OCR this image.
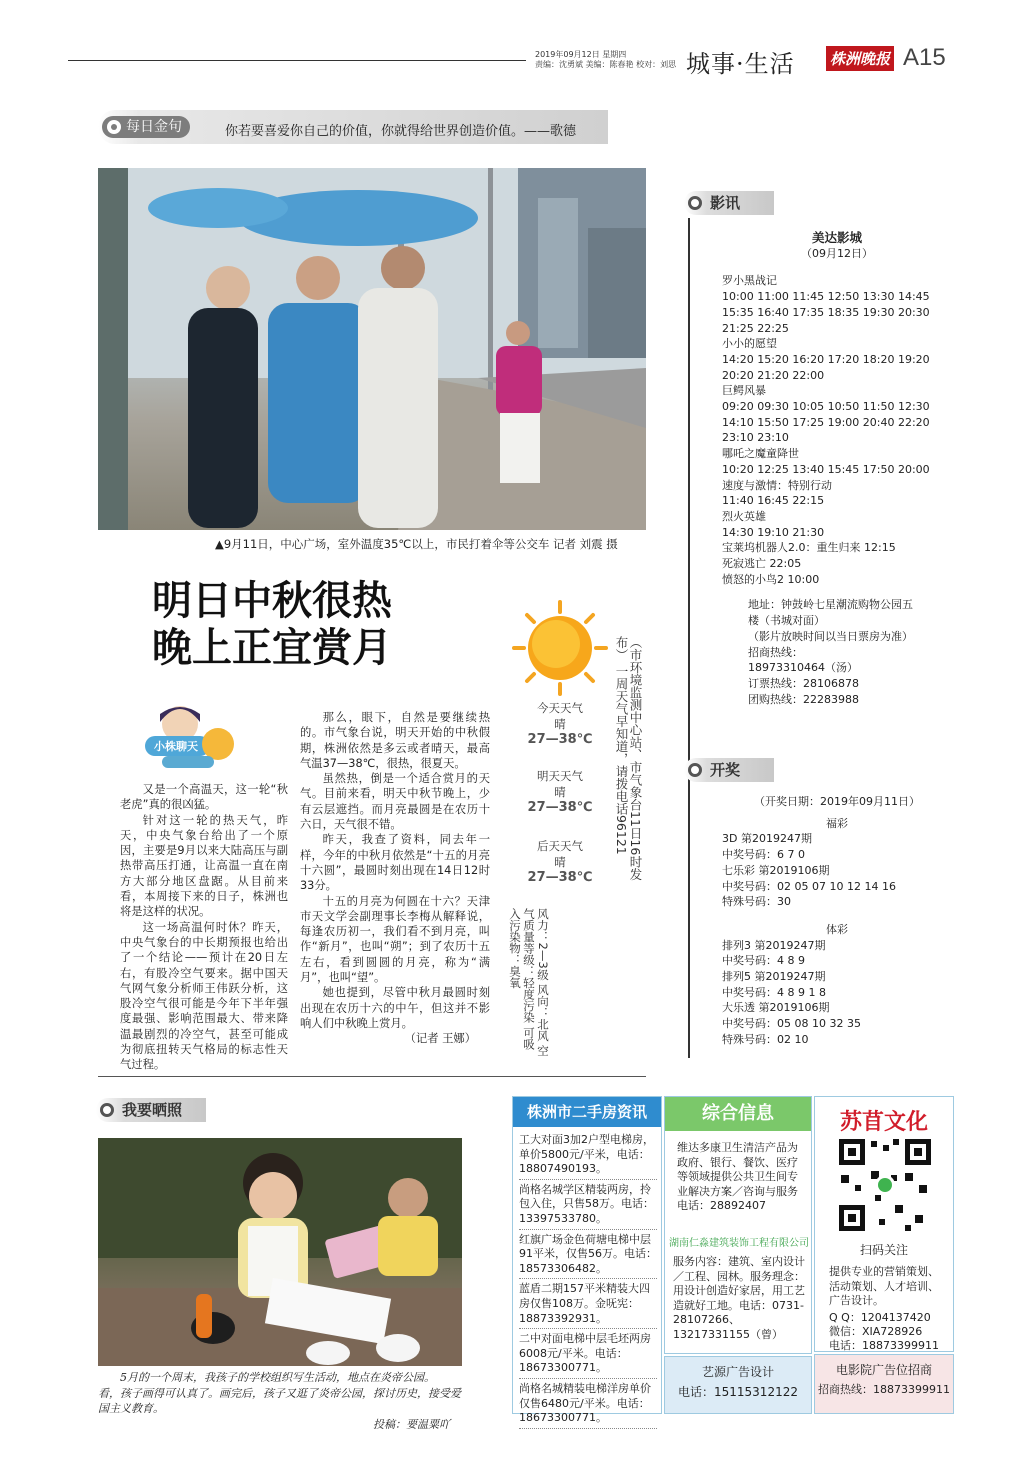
2019年09月12日 星期四
责编：沈勇斌 美编：陈春艳 校对：刘思 城事·生活 株洲晚报 A15
每日金句	你若要喜爱你自己的价值，你就得给世界创造价值。——歌德
▲9月11日，中心广场，室外温度35℃以上，市民打着伞等公交车 记者 刘震 摄
明日中秋很热
晚上正宜赏月
小株聊天

又是一个高温天，这一轮“秋老虎”真的很凶猛。

针对这一轮的热天气，昨天，中央气象台给出了一个原因，主要是9月以来大陆高压与副热带高压打通，让高温一直在南方大部分地区盘踞。从目前来看，本周接下来的日子，株洲也将是这样的状况。

这一场高温何时休？昨天，中央气象台的中长期预报也给出了一个结论——预计在20日左右，有股冷空气要来。据中国天气网气象分析师王伟跃分析，这股冷空气很可能是今年下半年强度最强、影响范围最大、带来降温最剧烈的冷空气，甚至可能成为彻底扭转天气格局的标志性天气过程。

那么，眼下，自然是要继续热的。市气象台说，明天开始的中秋假期，株洲依然是多云或者晴天，最高气温37—38℃，很热，很夏天。

虽然热，倒是一个适合赏月的天气。目前来看，明天中秋节晚上，少有云层遮挡。而月亮最圆是在农历十六日，天气很不错。

昨天，我查了资料，同去年一样，今年的中秋月依然是“十五的月亮十六圆”，最圆时刻出现在14日12时33分。

十五的月亮为何圆在十六？天津市天文学会副理事长李梅从解释说，每逢农历初一，我们看不到月亮，叫作“新月”，也叫“朔”；到了农历十五左右，看到圆圆的月亮，称为“满月”，也叫“望”。

她也提到，尽管中秋月最圆时刻出现在农历十六的中午，但这并不影响人们中秋晚上赏月。

（记者 王娜）
今天天气
晴
27—38℃
明天天气
晴
27—38℃
后天天气
晴
27—38℃
风力：2—3级 风向：北风 空气质量等级：轻度污染 可吸入污染物：臭氧
（市环境监测中心站、市气象台11日16时发布） 一周天气早知道，请拨电话96121
影讯
美达影城
（09月12日）
罗小黑战记
10:00 11:00 11:45 12:50 13:30 14:45
15:35 16:40 17:35 18:35 19:30 20:30
21:25 22:25
小小的愿望
14:20 15:20 16:20 17:20 18:20 19:20
20:20 21:20 22:00
巨鳄风暴
09:20 09:30 10:05 10:50 11:50 12:30
14:10 15:50 17:25 19:00 20:40 22:20
23:10 23:10
哪吒之魔童降世
10:20 12:25 13:40 15:45 17:50 20:00
速度与激情：特别行动
11:40 16:45 22:15
烈火英雄
14:30 19:10 21:30
宝莱坞机器人2.0：重生归来 12:15
死寂逃亡 22:05
愤怒的小鸟2 10:00
地址：钟鼓岭七星潮流购物公园五
楼（书城对面）
（影片放映时间以当日票房为准）
招商热线：
18973310464（汤）
订票热线：28106878
团购热线：22283988
开奖
（开奖日期：2019年09月11日）
福彩
3D 第2019247期
中奖号码：6 7 0
七乐彩 第2019106期
中奖号码：02 05 07 10 12 14 16
特殊号码：30
体彩
排列3 第2019247期
中奖号码：4 8 9
排列5 第2019247期
中奖号码：4 8 9 1 8
大乐透 第2019106期
中奖号码：05 08 10 32 35
特殊号码：02 10
我要晒照
5月的一个周末，我孩子的学校组织写生活动，地点在炎帝公园。
看，孩子画得可认真了。画完后，孩子又逛了炎帝公园，探讨历史，接受爱国主义教育。
投稿：要温粟吖
株洲市二手房资讯
工大对面3加2户型电梯房，单价5800元/平米，电话：18807490193。
尚格名城学区精装两房，拎包入住，只售58万。电话：13397533780。
红旗广场金色荷塘电梯中层91平米，仅售56万。电话：18573306482。
蓝盾二期157平米精装大四房仅售108万。金呒宪：18873392931。
二中对面电梯中层毛坯两房6008元/平米。电话：18673300771。
尚格名城精装电梯洋房单价仅售6480元/平米。电话：18673300771。
综合信息
维达多康卫生清洁产品为政府、银行、餐饮、医疗等领域提供公共卫生间专业解决方案／咨询与服务电话：28892407
湖南仁淼建筑装饰工程有限公司
服务内容：建筑、室内设计／工程、园林。服务理念：用设计创造好家居，用工艺造就好工地。电话：0731-28107266、13217331155（曾）
艺源广告设计
电话：15115312122
苏苜文化
扫码关注
提供专业的营销策划、活动策划、人才培训、广告设计。
Q Q：1204137420
微信：XIA728926
电话：18873399911
电影院广告位招商
招商热线：18873399911
